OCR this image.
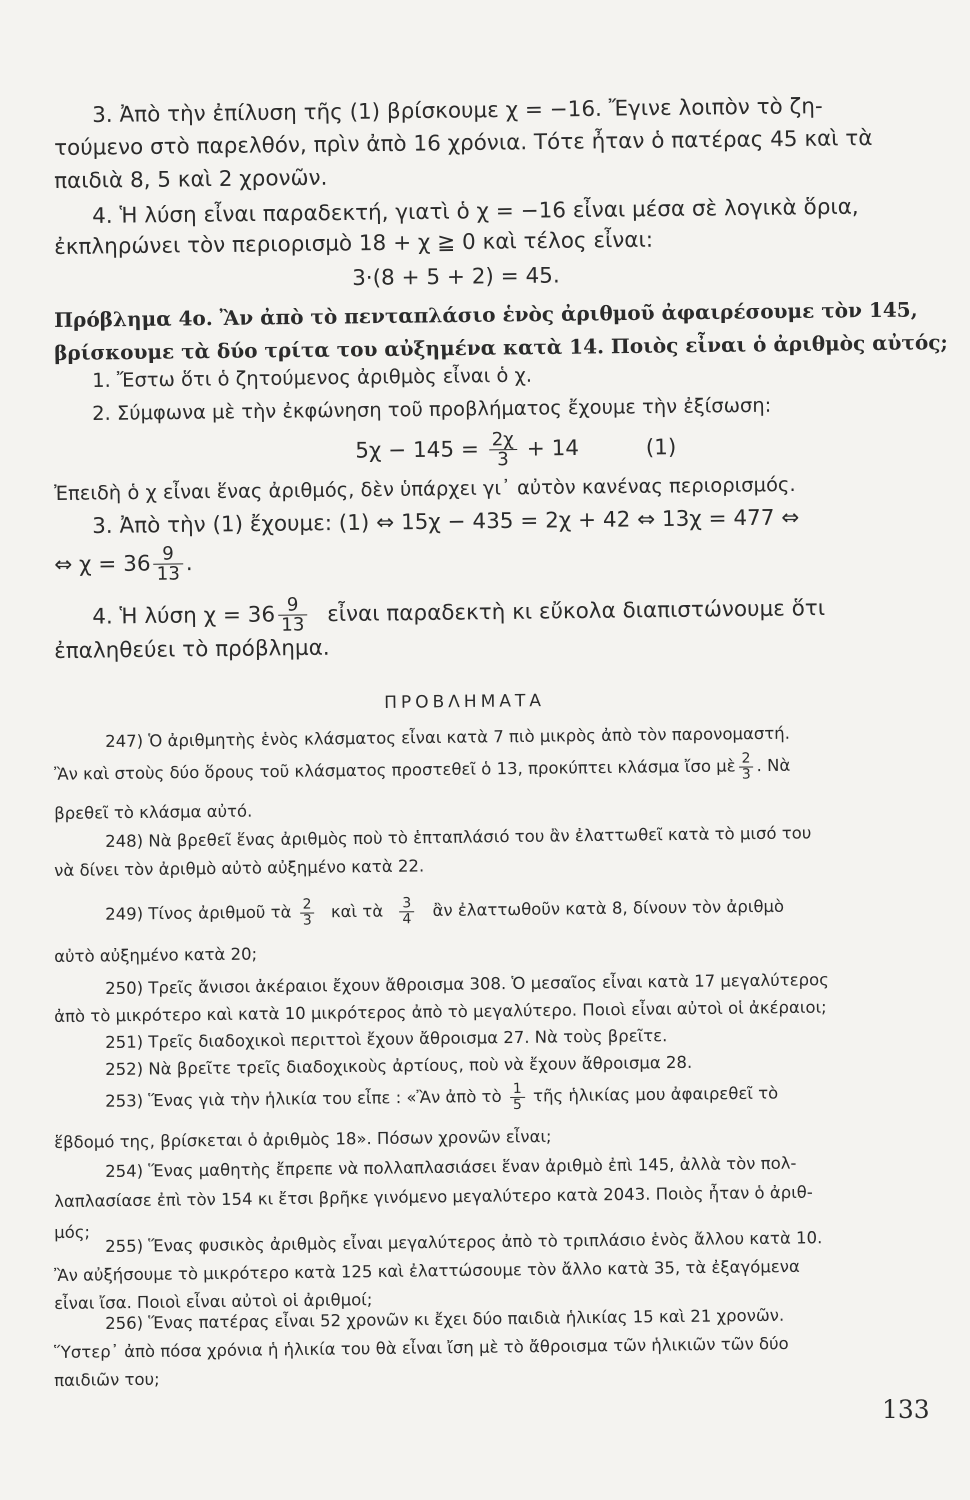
3. Ἀπὸ τὴν ἐπίλυση τῆς (1) βρίσκουμε χ = −16. Ἔγινε λοιπὸν τὸ ζη-
τούμενο στὸ παρελθόν, πρὶν ἀπὸ 16 χρόνια. Τότε ἦταν ὁ πατέρας 45 καὶ τὰ
παιδιὰ 8, 5 καὶ 2 χρονῶν.
4. Ἡ λύση εἶναι παραδεκτή, γιατὶ ὁ χ = −16 εἶναι μέσα σὲ λογικὰ ὅρια,
ἐκπληρώνει τὸν περιορισμὸ 18 + χ ≧ 0 καὶ τέλος εἶναι:
3·(8 + 5 + 2) = 45.
Πρόβλημα 4ο. Ἂν ἀπὸ τὸ πενταπλάσιο ἑνὸς ἀριθμοῦ ἀφαιρέσουμε τὸν 145,
βρίσκουμε τὰ δύο τρίτα του αὐξημένα κατὰ 14. Ποιὸς εἶναι ὁ ἀριθμὸς αὐτός;
1. Ἔστω ὅτι ὁ ζητούμενος ἀριθμὸς εἶναι ὁ χ.
2. Σύμφωνα μὲ τὴν ἐκφώνηση τοῦ προβλήματος ἔχουμε τὴν ἐξίσωση:
$5\chi - 145 = \frac{2\chi}{3} + 14$	(1)
Ἐπειδὴ ὁ χ εἶναι ἕνας ἀριθμός, δὲν ὑπάρχει γι᾽ αὐτὸν κανένας περιορισμός.
3. Ἀπὸ τὴν (1) ἔχουμε: (1) ⇔ 15χ − 435 = 2χ + 42 ⇔ 13χ = 477 ⇔
⇔ $\chi = 36 \frac{9}{13}$ .
4. Ἡ λύση $\chi = 36 \frac{9}{13}$ εἶναι παραδεκτὴ κι εὔκολα διαπιστώνουμε ὅτι
ἐπαληθεύει τὸ πρόβλημα.
ΠΡΟΒΛΗΜΑΤΑ
247) Ὁ ἀριθμητὴς ἑνὸς κλάσματος εἶναι κατὰ 7 πιὸ μικρὸς ἀπὸ τὸν παρονομαστή.
Ἂν καὶ στοὺς δύο ὅρους τοῦ κλάσματος προστεθεῖ ὁ 13, προκύπτει κλάσμα ἴσο μὲ $\frac{2}{3}$ . Νὰ
βρεθεῖ τὸ κλάσμα αὐτό.
248) Νὰ βρεθεῖ ἕνας ἀριθμὸς ποὺ τὸ ἑπταπλάσιό του ἂν ἐλαττωθεῖ κατὰ τὸ μισό του
νὰ δίνει τὸν ἀριθμὸ αὐτὸ αὐξημένο κατὰ 22.
249) Τίνος ἀριθμοῦ τὰ $\frac{2}{3}$ καὶ τὰ $\frac{3}{4}$ ἂν ἐλαττωθοῦν κατὰ 8, δίνουν τὸν ἀριθμὸ
αὐτὸ αὐξημένο κατὰ 20;
250) Τρεῖς ἄνισοι ἀκέραιοι ἔχουν ἄθροισμα 308. Ὁ μεσαῖος εἶναι κατὰ 17 μεγαλύτερος
ἀπὸ τὸ μικρότερο καὶ κατὰ 10 μικρότερος ἀπὸ τὸ μεγαλύτερο. Ποιοὶ εἶναι αὐτοὶ οἱ ἀκέραιοι;
251) Τρεῖς διαδοχικοὶ περιττοὶ ἔχουν ἄθροισμα 27. Νὰ τοὺς βρεῖτε.
252) Νὰ βρεῖτε τρεῖς διαδοχικοὺς ἀρτίους, ποὺ νὰ ἔχουν ἄθροισμα 28.
253) Ἕνας γιὰ τὴν ἡλικία του εἶπε : «Ἂν ἀπὸ τὸ $\frac{1}{5}$ τῆς ἡλικίας μου ἀφαιρεθεῖ τὸ
ἕβδομό της, βρίσκεται ὁ ἀριθμὸς 18». Πόσων χρονῶν εἶναι;
254) Ἕνας μαθητὴς ἔπρεπε νὰ πολλαπλασιάσει ἕναν ἀριθμὸ ἐπὶ 145, ἀλλὰ τὸν πολ-
λαπλασίασε ἐπὶ τὸν 154 κι ἔτσι βρῆκε γινόμενο μεγαλύτερο κατὰ 2043. Ποιὸς ἦταν ὁ ἀριθ-
μός; 255) Ἕνας φυσικὸς ἀριθμὸς εἶναι μεγαλύτερος ἀπὸ τὸ τριπλάσιο ἑνὸς ἄλλου κατὰ 10.
Ἂν αὐξήσουμε τὸ μικρότερο κατὰ 125 καὶ ἐλαττώσουμε τὸν ἄλλο κατὰ 35, τὰ ἐξαγόμενα
εἶναι ἴσα. Ποιοὶ εἶναι αὐτοὶ οἱ ἀριθμοί;
256) Ἕνας πατέρας εἶναι 52 χρονῶν κι ἔχει δύο παιδιὰ ἡλικίας 15 καὶ 21 χρονῶν.
Ὕστερ᾽ ἀπὸ πόσα χρόνια ἡ ἡλικία του θὰ εἶναι ἴση μὲ τὸ ἄθροισμα τῶν ἡλικιῶν τῶν δύο
παιδιῶν του;
133
